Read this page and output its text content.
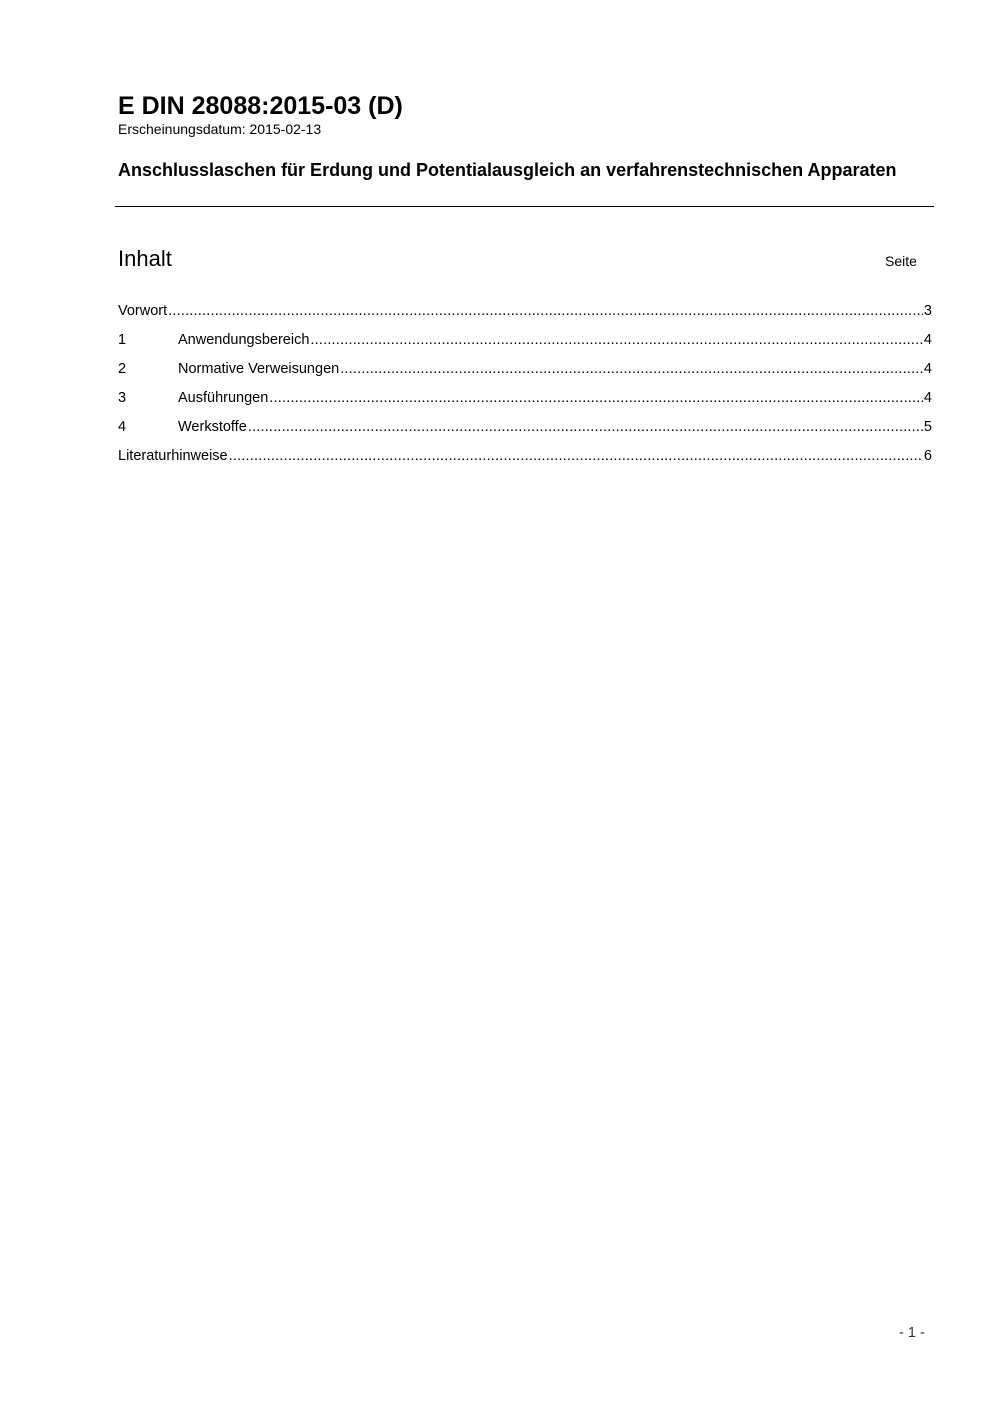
E DIN 28088:2015-03 (D)
Erscheinungsdatum: 2015-02-13
Anschlusslaschen für Erdung und Potentialausgleich an verfahrenstechnischen Apparaten
Inhalt	Seite
Vorwort .....	3
1	Anwendungsbereich .....	4
2	Normative Verweisungen .....	4
3	Ausführungen .....	4
4	Werkstoffe .....	5
Literaturhinweise .....	6
- 1 -
